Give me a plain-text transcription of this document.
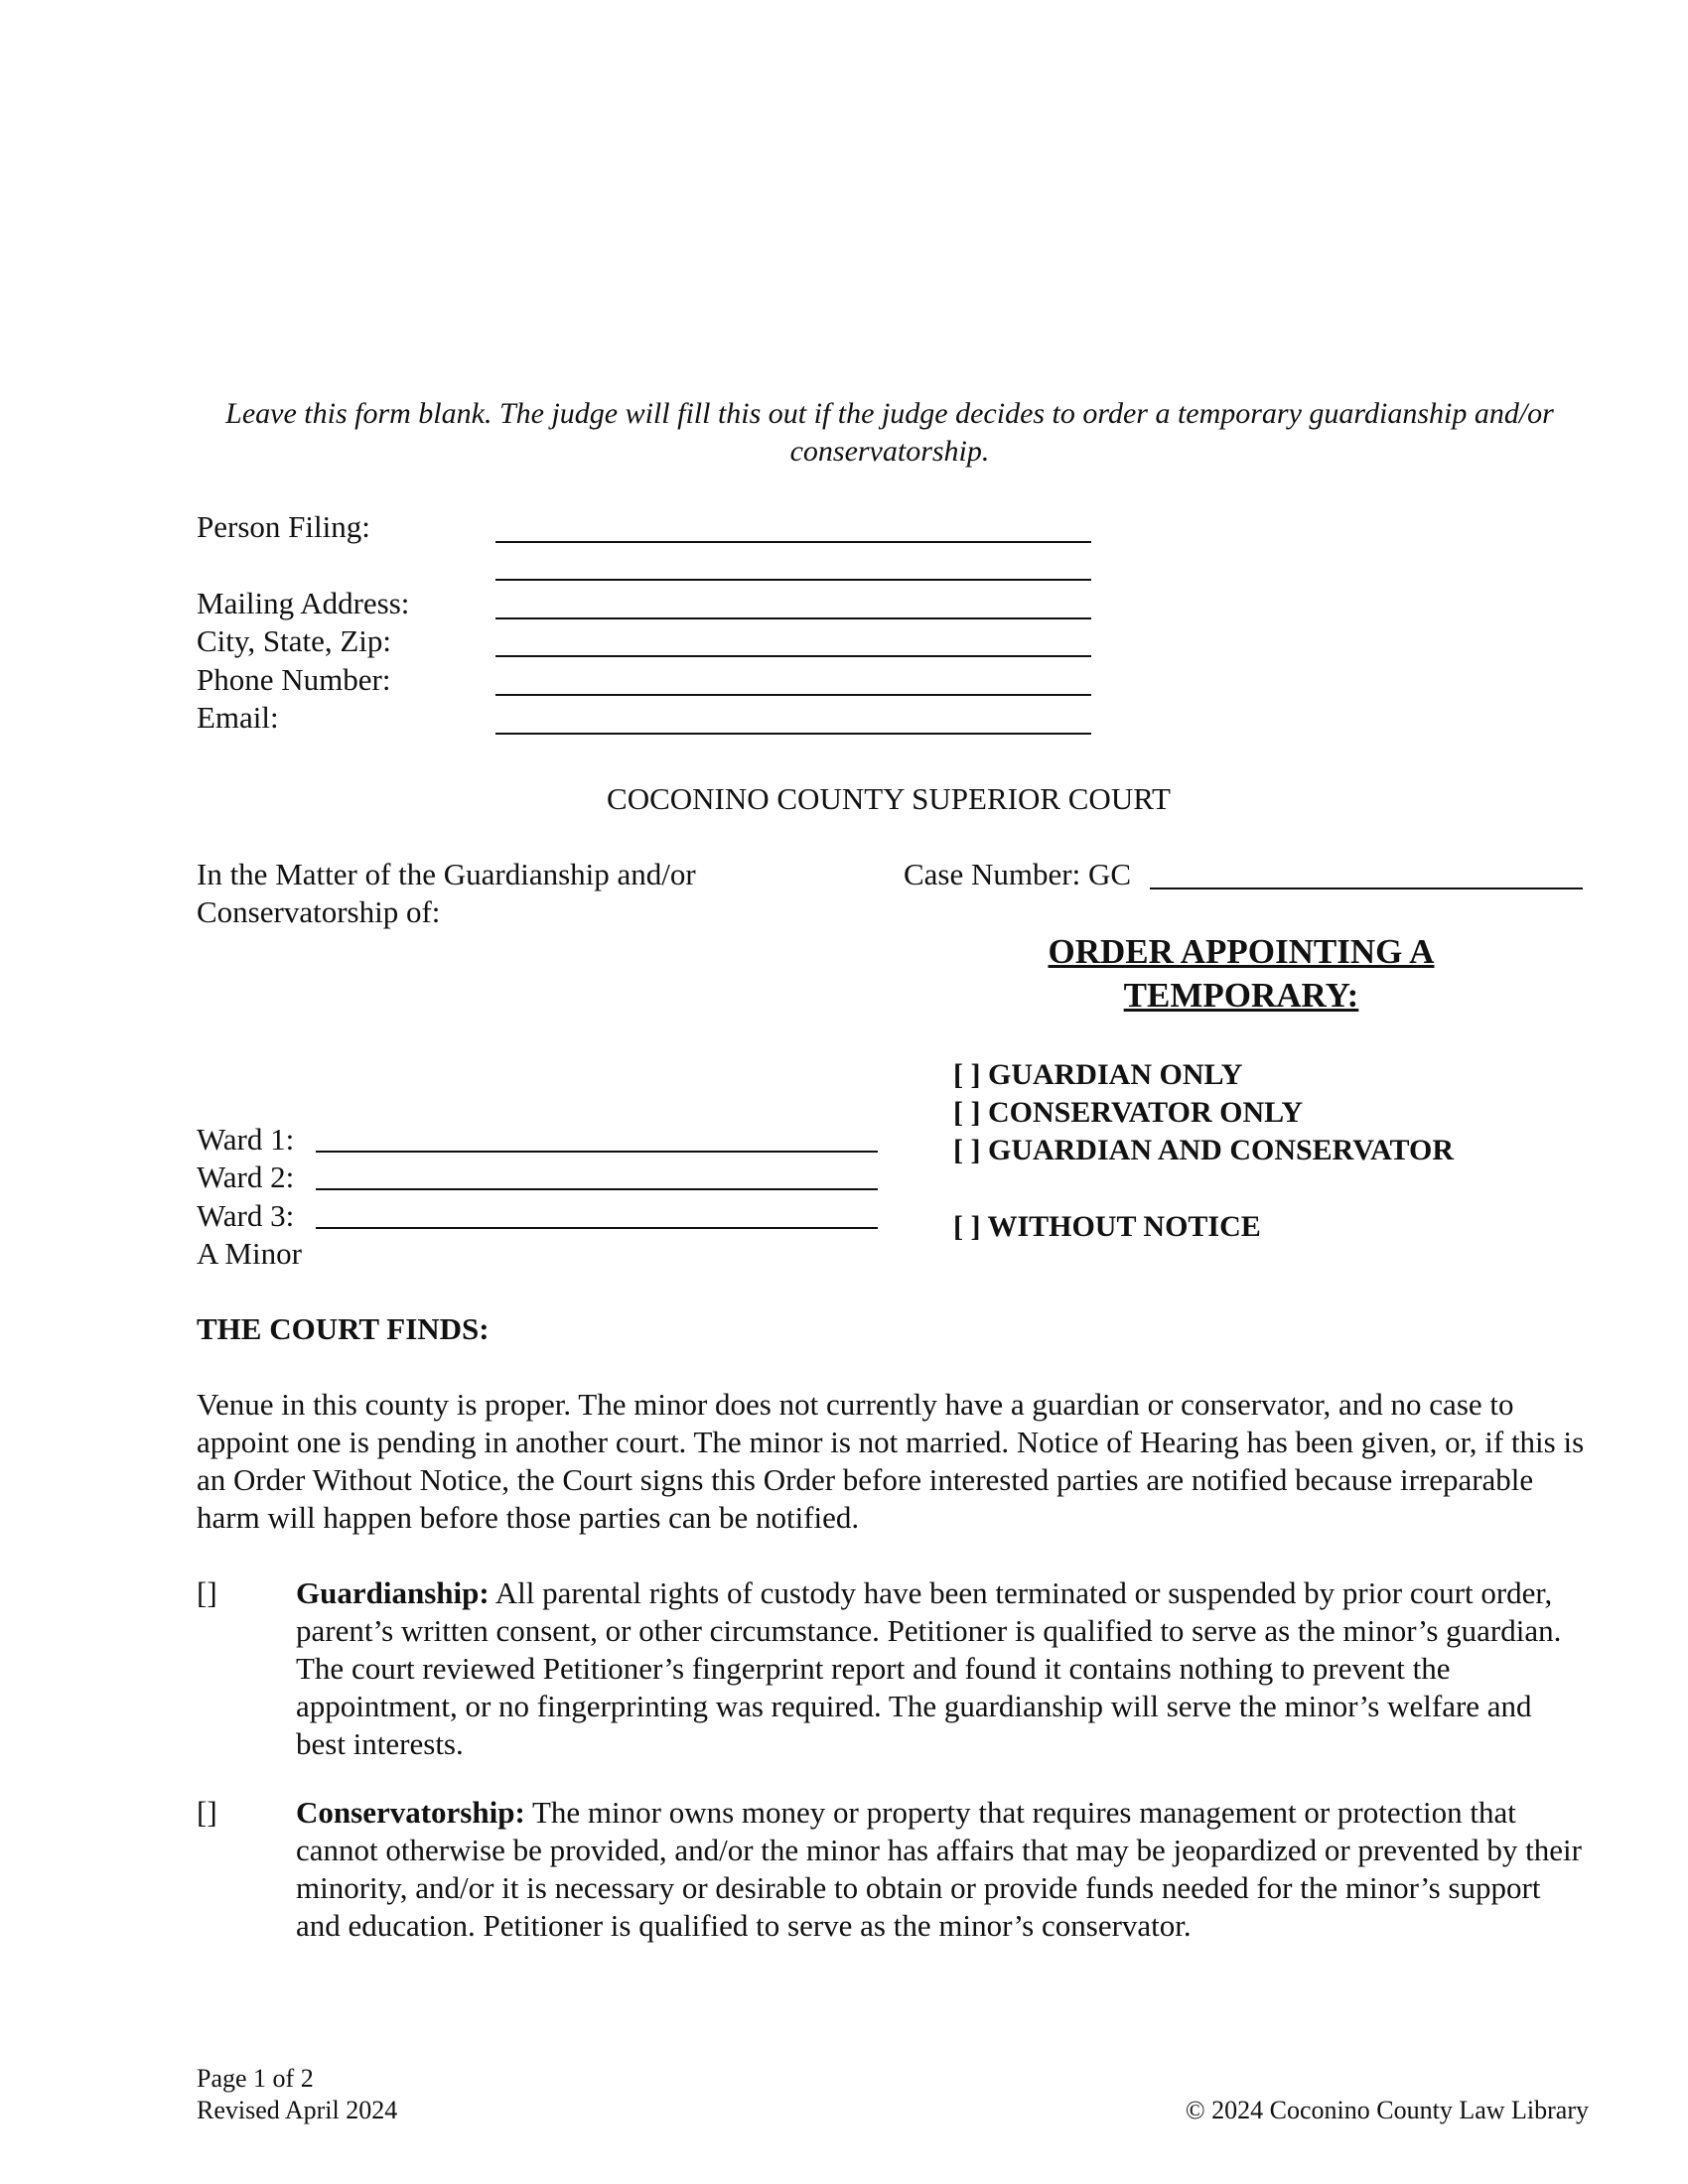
Leave this form blank. The judge will fill this out if the judge decides to order a temporary guardianship and/or conservatorship.
Person Filing:
Mailing Address:
City, State, Zip:
Phone Number:
Email:
COCONINO COUNTY SUPERIOR COURT
In the Matter of the Guardianship and/or
Conservatorship of:
Case Number: GC
ORDER APPOINTING A TEMPORARY:
[ ] GUARDIAN ONLY
[ ] CONSERVATOR ONLY
[ ] GUARDIAN AND CONSERVATOR
[ ] WITHOUT NOTICE
Ward 1:
Ward 2:
Ward 3:
A Minor
THE COURT FINDS:
Venue in this county is proper. The minor does not currently have a guardian or conservator, and no case to appoint one is pending in another court. The minor is not married. Notice of Hearing has been given, or, if this is an Order Without Notice, the Court signs this Order before interested parties are notified because irreparable harm will happen before those parties can be notified.
[]	Guardianship: All parental rights of custody have been terminated or suspended by prior court order, parent’s written consent, or other circumstance. Petitioner is qualified to serve as the minor’s guardian. The court reviewed Petitioner’s fingerprint report and found it contains nothing to prevent the appointment, or no fingerprinting was required. The guardianship will serve the minor’s welfare and best interests.
[]	Conservatorship: The minor owns money or property that requires management or protection that cannot otherwise be provided, and/or the minor has affairs that may be jeopardized or prevented by their minority, and/or it is necessary or desirable to obtain or provide funds needed for the minor’s support and education. Petitioner is qualified to serve as the minor’s conservator.
Page 1 of 2
Revised April 2024	© 2024 Coconino County Law Library
